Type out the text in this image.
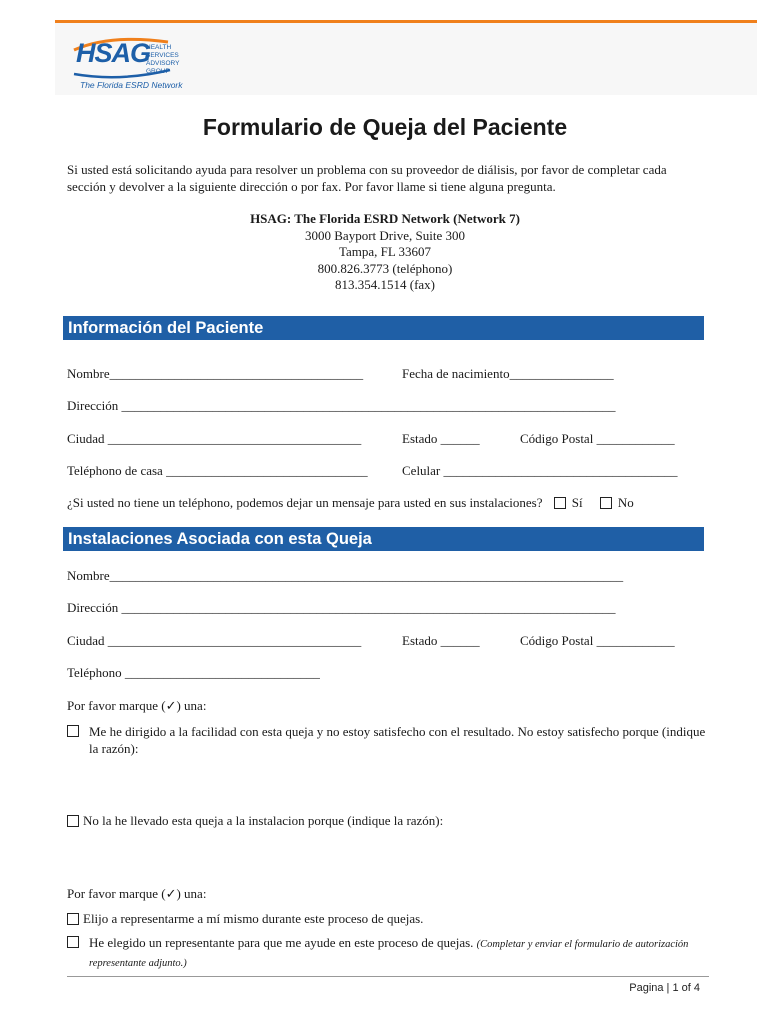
HSAG
HEALTH SERVICES
ADVISORY GROUP
The Florida ESRD Network
Formulario de Queja del Paciente
Si usted está solicitando ayuda para resolver un problema con su proveedor de diálisis, por favor de completar cada sección y devolver a la siguiente dirección o por fax. Por favor llame si tiene alguna pregunta.
HSAG: The Florida ESRD Network (Network 7)
3000 Bayport Drive, Suite 300
Tampa, FL 33607
800.826.3773 (teléphono)
813.354.1514 (fax)
Información del Paciente
Nombre_______________________________________	Fecha de nacimiento________________
Dirección ____________________________________________________________________________
Ciudad _______________________________________	Estado ______	Código Postal ____________
Teléphono de casa _______________________________	Celular ____________________________________
¿Si usted no tiene un teléphono, podemos dejar un mensaje para usted en sus instalaciones? Sí	No
Instalaciones Asociada con esta Queja
Nombre_______________________________________________________________________________
Dirección ____________________________________________________________________________
Ciudad _______________________________________	Estado ______	Código Postal ____________
Teléphono ______________________________
Por favor marque (✓) una:
Me he dirigido a la facilidad con esta queja y no estoy satisfecho con el resultado. No estoy satisfecho porque (indique la razón):
No la he llevado esta queja a la instalacion porque (indique la razón):
Por favor marque (✓) una:
Elijo a representarme a mí mismo durante este proceso de quejas.
He elegido un representante para que me ayude en este proceso de quejas. (Completar y enviar el formulario de autorización representante adjunto.)
Pagina | 1 of 4
